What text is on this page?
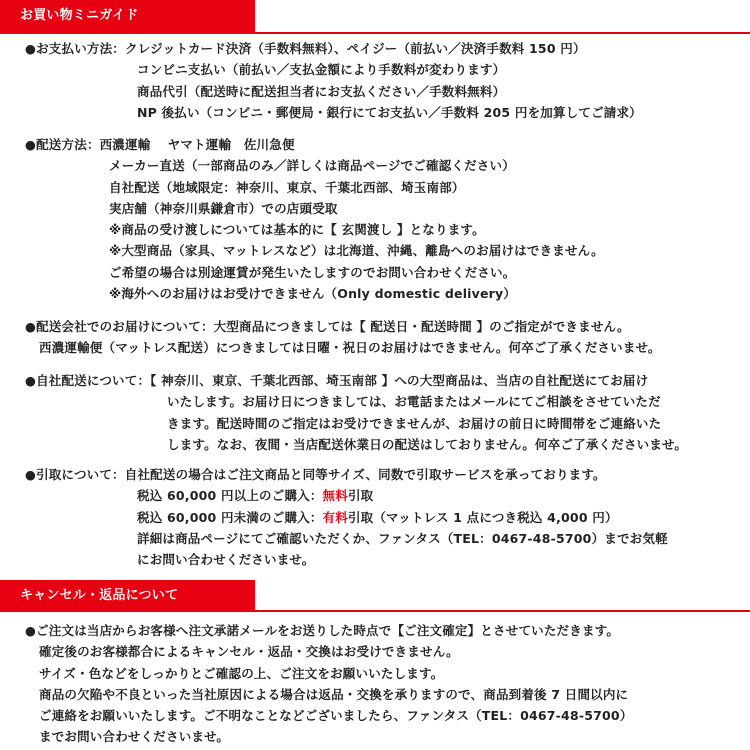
お買い物ミニガイド
●お支払い方法：クレジットカード決済（手数料無料）、ペイジー（前払い／決済手数料 150 円）
コンビニ支払い（前払い／支払金額により手数料が変わります）
商品代引（配送時に配送担当者にお支払ください／手数料無料）
NP 後払い（コンビニ・郵便局・銀行にてお支払い／手数料 205 円を加算してご請求）
●配送方法：西濃運輸　 ヤマト運輸　佐川急便
メーカー直送（一部商品のみ／詳しくは商品ページでご確認ください）
自社配送（地域限定：神奈川、東京、千葉北西部、埼玉南部）
実店舗（神奈川県鎌倉市）での店頭受取
※商品の受け渡しについては基本的に【 玄関渡し 】となります。
※大型商品（家具、マットレスなど）は北海道、沖縄、離島へのお届けはできません。
ご希望の場合は別途運賃が発生いたしますのでお問い合わせください。
※海外へのお届けはお受けできません（Only domestic delivery）
●配送会社でのお届けについて：大型商品につきましては【 配送日・配送時間 】のご指定ができません。
西濃運輸便（マットレス配送）につきましては日曜・祝日のお届けはできません。何卒ご了承くださいませ。
●自社配送について：【 神奈川、東京、千葉北西部、埼玉南部 】への大型商品は、当店の自社配送にてお届け
いたします。お届け日につきましては、お電話またはメールにてご相談をさせていただ
きます。配送時間のご指定はお受けできませんが、お届けの前日に時間帯をご連絡いた
します。なお、夜間・当店配送休業日の配送はしておりません。何卒ご了承くださいませ。
●引取について：自社配送の場合はご注文商品と同等サイズ、同数で引取サービスを承っております。
税込 60,000 円以上のご購入：無料引取
税込 60,000 円未満のご購入：有料引取（マットレス 1 点につき税込 4,000 円）
詳細は商品ページにてご確認いただくか、ファンタス（TEL：0467-48-5700）までお気軽
にお問い合わせくださいませ。
キャンセル・返品について
●ご注文は当店からお客様へ注文承諾メールをお送りした時点で【ご注文確定】とさせていただきます。
確定後のお客様都合によるキャンセル・返品・交換はお受けできません。
サイズ・色などをしっかりとご確認の上、ご注文をお願いいたします。
商品の欠陥や不良といった当社原因による場合は返品・交換を承りますので、商品到着後 7 日間以内に
ご連絡をお願いいたします。ご不明なことなどございましたら、ファンタス（TEL：0467-48-5700）
までお問い合わせくださいませ。
